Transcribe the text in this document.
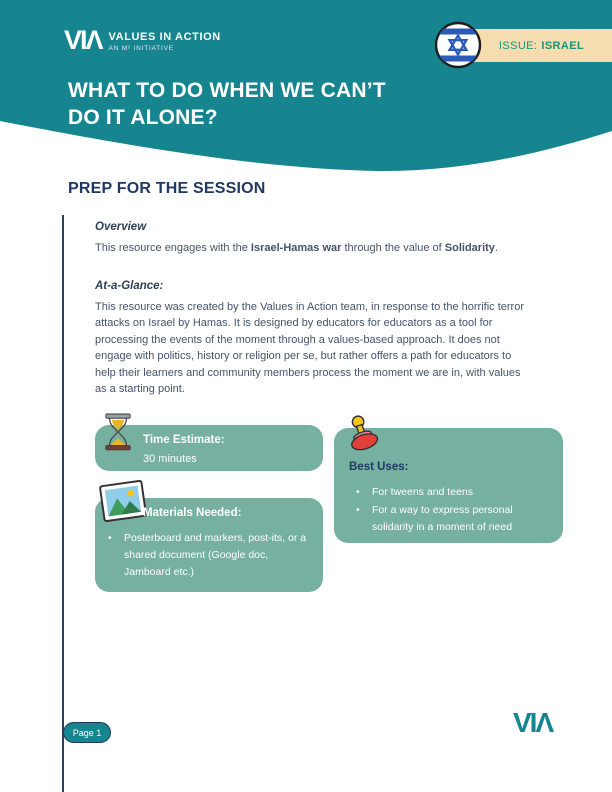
VIΛ VALUES IN ACTION
AN M² INITIATIVE	ISSUE: ISRAEL
WHAT TO DO WHEN WE CAN’T
DO IT ALONE?
PREP FOR THE SESSION
Overview
This resource engages with the Israel-Hamas war through the value of Solidarity.
At-a-Glance:
This resource was created by the Values in Action team, in response to the horrific terror attacks on Israel by Hamas. It is designed by educators for educators as a tool for processing the events of the moment through a values-based approach. It does not engage with politics, history or religion per se, but rather offers a path for educators to help their learners and community members process the moment we are in, with values as a starting point.
Time Estimate:
30 minutes
Best Uses:
• For tweens and teens
• For a way to express personal solidarity in a moment of need
Materials Needed:
• Posterboard and markers, post-its, or a shared document (Google doc, Jamboard etc.)
Page 1	VIΛ
